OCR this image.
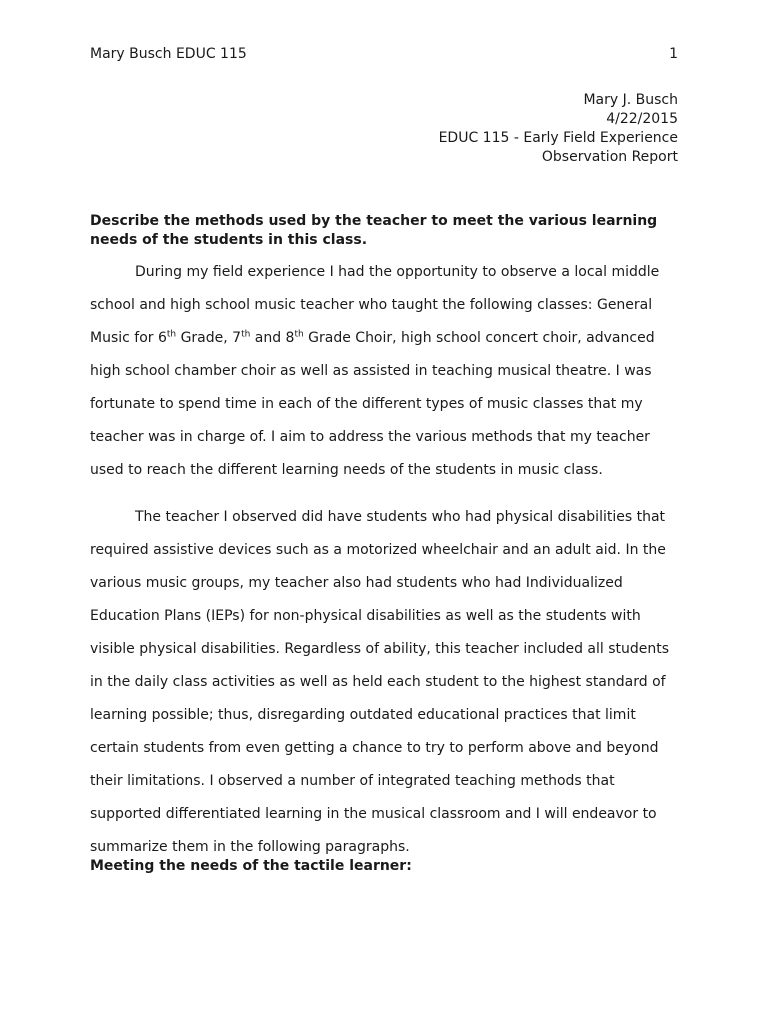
Mary Busch EDUC 115	1
Mary J. Busch
4/22/2015
EDUC 115 - Early Field Experience
Observation Report
Describe the methods used by the teacher to meet the various learning needs of the students in this class.
During my field experience I had the opportunity to observe a local middle
school and high school music teacher who taught the following classes: General
Music for 6th Grade, 7th and 8th Grade Choir, high school concert choir, advanced
high school chamber choir as well as assisted in teaching musical theatre. I was
fortunate to spend time in each of the different types of music classes that my
teacher was in charge of. I aim to address the various methods that my teacher
used to reach the different learning needs of the students in music class.
The teacher I observed did have students who had physical disabilities that
required assistive devices such as a motorized wheelchair and an adult aid. In the
various music groups, my teacher also had students who had Individualized
Education Plans (IEPs) for non-physical disabilities as well as the students with
visible physical disabilities. Regardless of ability, this teacher included all students
in the daily class activities as well as held each student to the highest standard of
learning possible; thus, disregarding outdated educational practices that limit
certain students from even getting a chance to try to perform above and beyond
their limitations. I observed a number of integrated teaching methods that
supported differentiated learning in the musical classroom and I will endeavor to
summarize them in the following paragraphs.
Meeting the needs of the tactile learner:
